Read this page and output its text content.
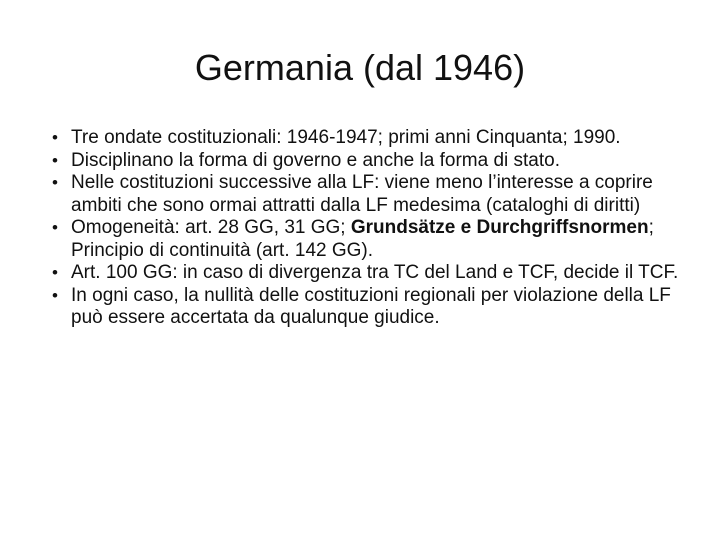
Germania (dal 1946)
• Tre ondate costituzionali: 1946-1947; primi anni Cinquanta; 1990.
• Disciplinano la forma di governo e anche la forma di stato.
• Nelle costituzioni successive alla LF: viene meno l’interesse a coprire ambiti che sono ormai attratti dalla LF medesima (cataloghi di diritti)
• Omogeneità: art. 28 GG, 31 GG; Grundsätze e Durchgriffsnormen; Principio di continuità (art. 142 GG).
• Art. 100 GG: in caso di divergenza tra TC del Land e TCF, decide il TCF.
• In ogni caso, la nullità delle costituzioni regionali per violazione della LF può essere accertata da qualunque giudice.
